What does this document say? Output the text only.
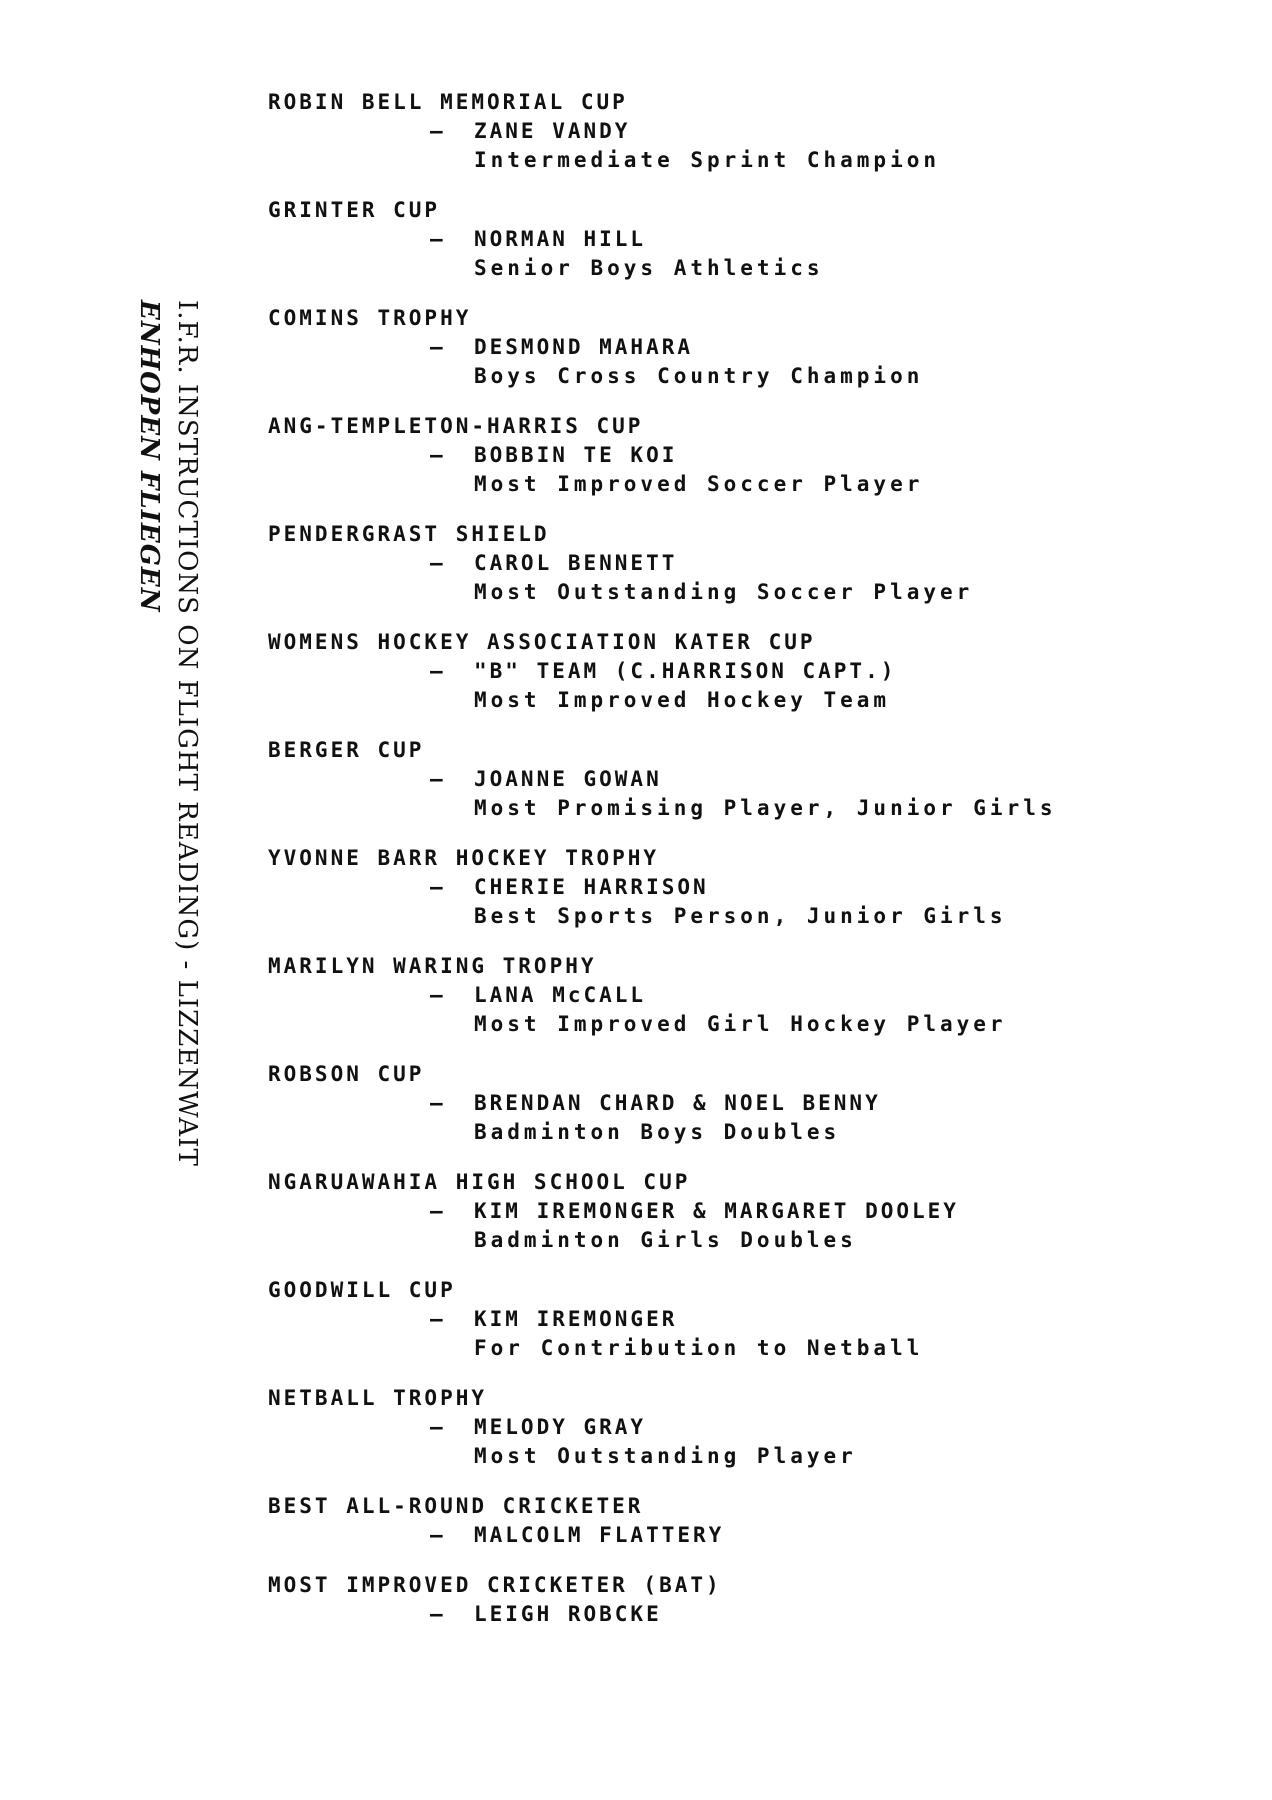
I.F.R. INSTRUCTIONS ON FLIGHT READING) - LIZZENWAIT
ENHOPEN FLIEGEN
ROBIN BELL MEMORIAL CUP
– ZANE VANDY
Intermediate Sprint Champion
GRINTER CUP
– NORMAN HILL
Senior Boys Athletics
COMINS TROPHY
– DESMOND MAHARA
Boys Cross Country Champion
ANG-TEMPLETON-HARRIS CUP
– BOBBIN TE KOI
Most Improved Soccer Player
PENDERGRAST SHIELD
– CAROL BENNETT
Most Outstanding Soccer Player
WOMENS HOCKEY ASSOCIATION KATER CUP
– "B" TEAM (C.HARRISON CAPT.)
Most Improved Hockey Team
BERGER CUP
– JOANNE GOWAN
Most Promising Player, Junior Girls
YVONNE BARR HOCKEY TROPHY
– CHERIE HARRISON
Best Sports Person, Junior Girls
MARILYN WARING TROPHY
– LANA McCALL
Most Improved Girl Hockey Player
ROBSON CUP
– BRENDAN CHARD & NOEL BENNY
Badminton Boys Doubles
NGARUAWAHIA HIGH SCHOOL CUP
– KIM IREMONGER & MARGARET DOOLEY
Badminton Girls Doubles
GOODWILL CUP
– KIM IREMONGER
For Contribution to Netball
NETBALL TROPHY
– MELODY GRAY
Most Outstanding Player
BEST ALL-ROUND CRICKETER
– MALCOLM FLATTERY
MOST IMPROVED CRICKETER (BAT)
– LEIGH ROBCKE
